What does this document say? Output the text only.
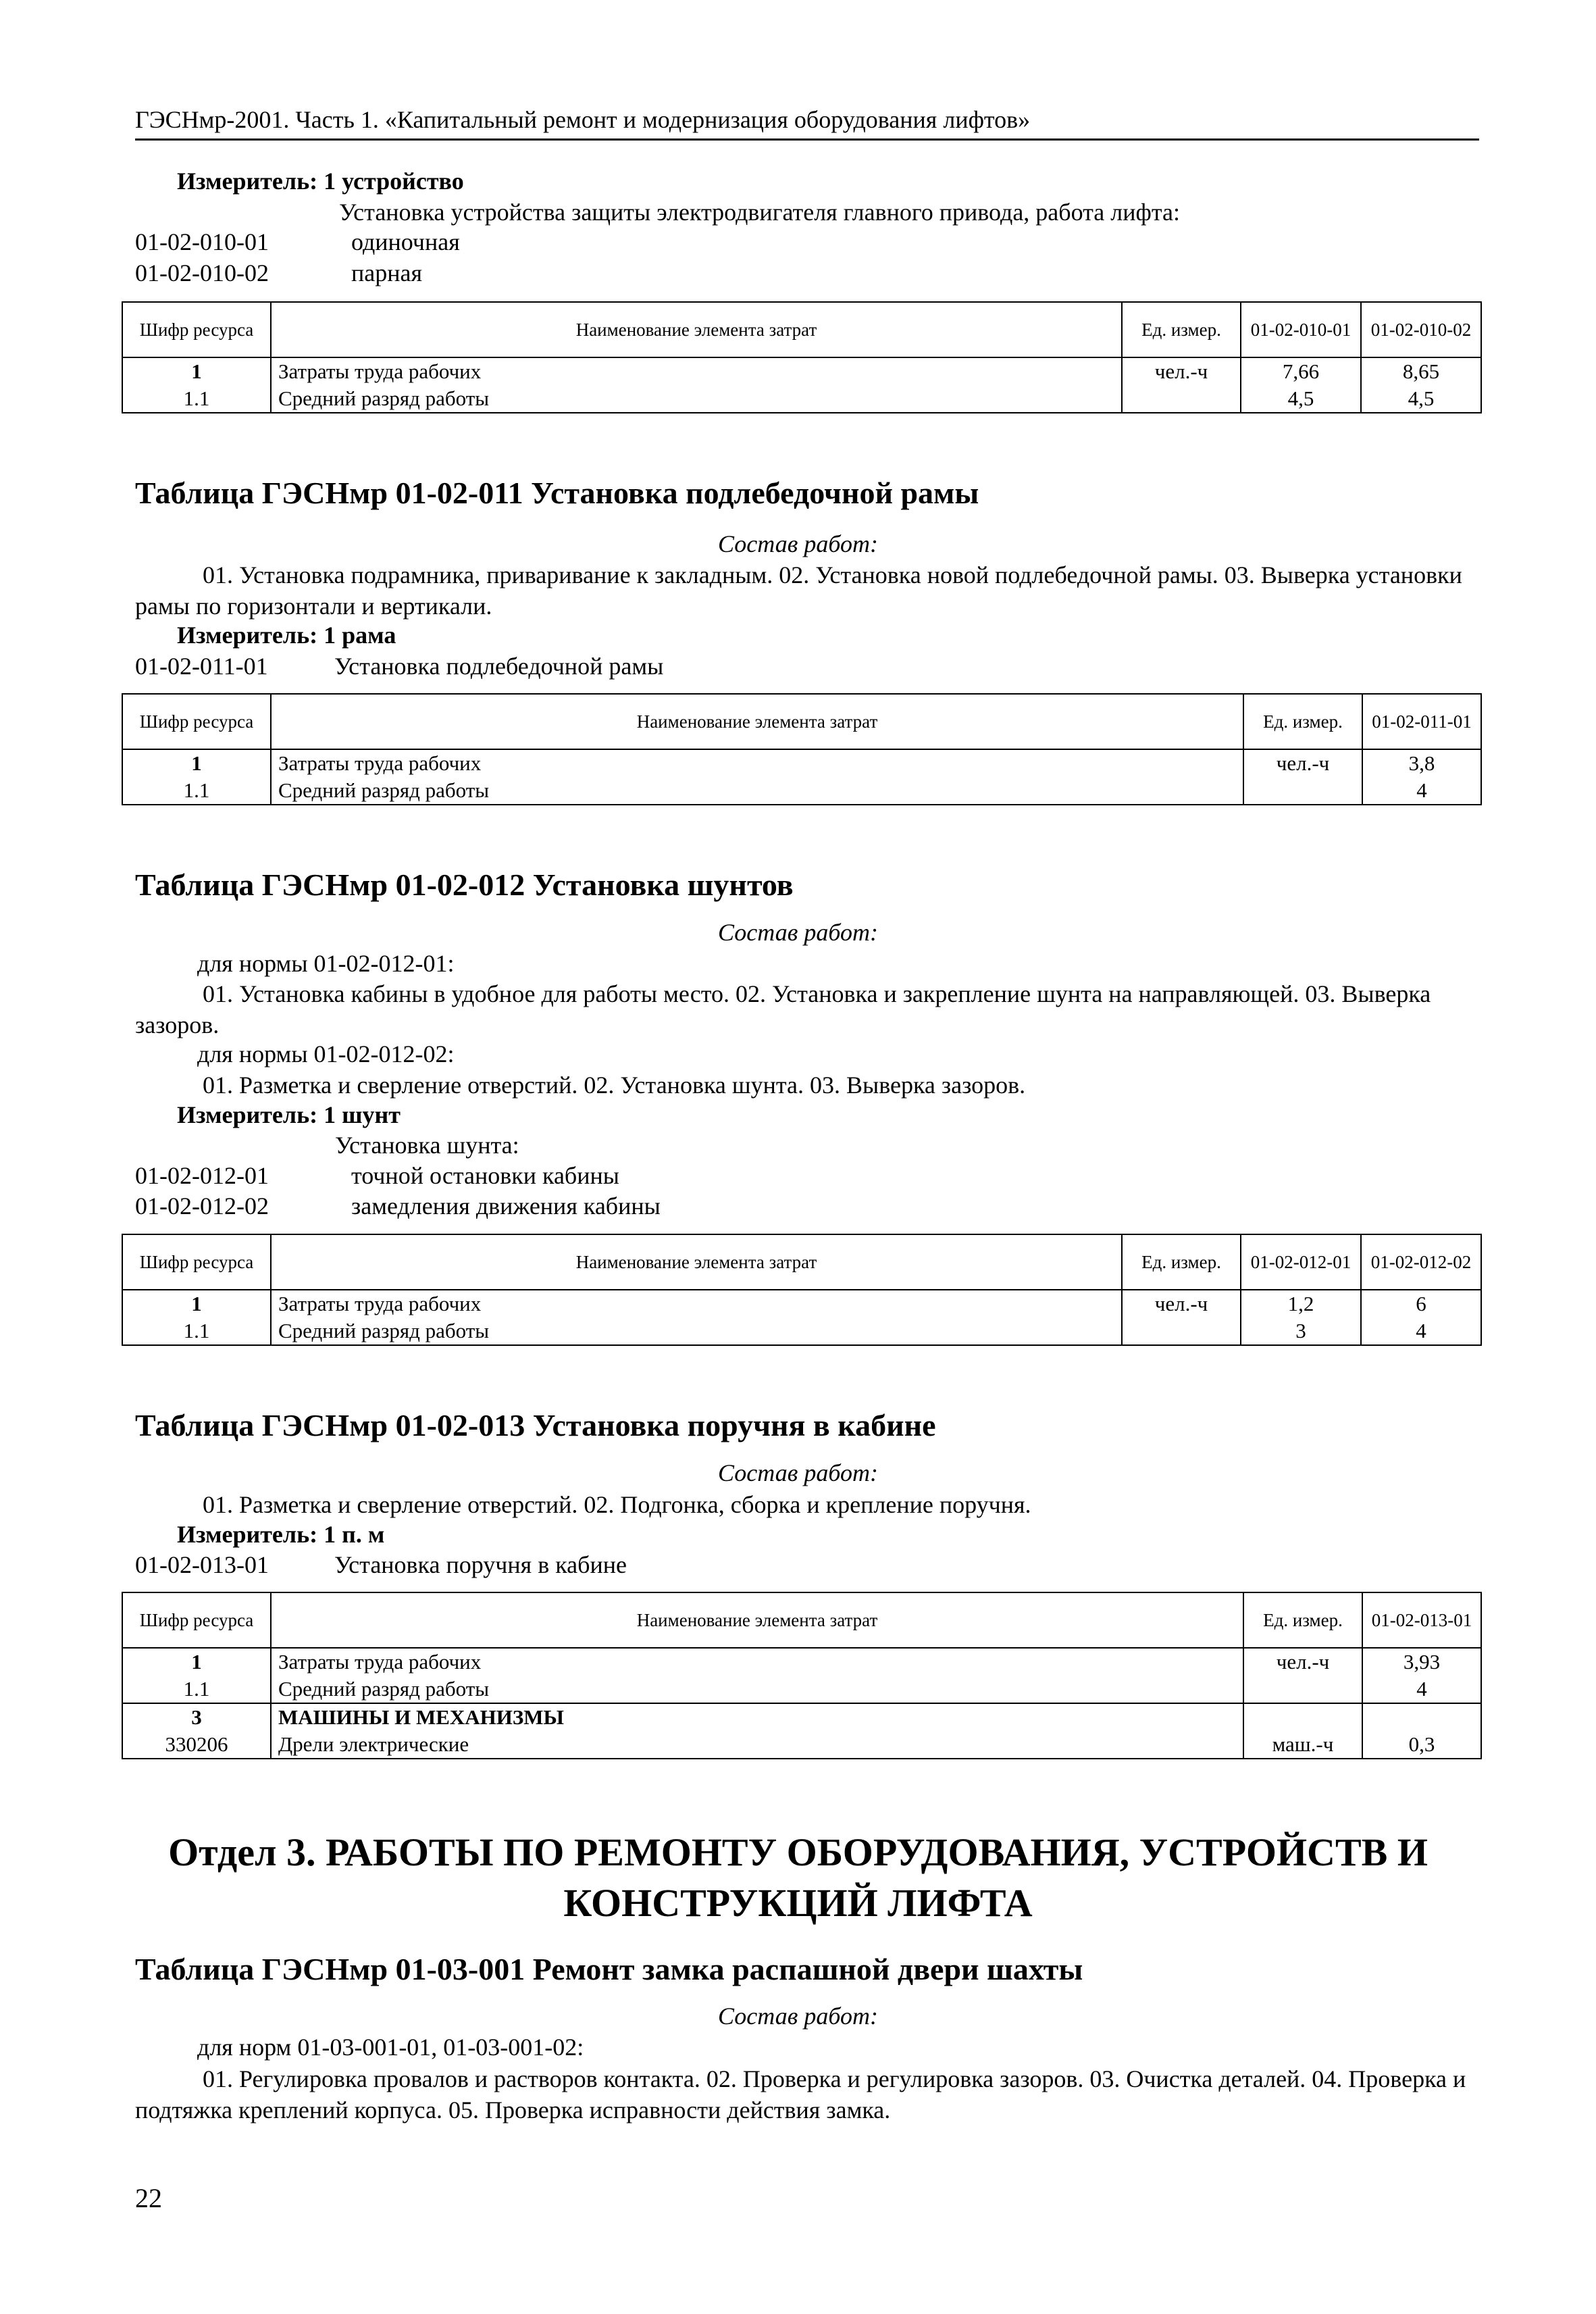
ГЭСНмр-2001. Часть 1. «Капитальный ремонт и модернизация оборудования лифтов»
Измеритель: 1 устройство
Установка устройства защиты электродвигателя главного привода, работа лифта:
01-02-010-01	одиночная
01-02-010-02	парная
Шифр ресурса	Наименование элемента затрат	Ед. измер.	01-02-010-01	01-02-010-02
1	Затраты труда рабочих	чел.-ч	7,66	8,65
1.1	Средний разряд работы		4,5	4,5
Таблица ГЭСНмр 01-02-011 Установка подлебедочной рамы
Состав работ:
01. Установка подрамника, приваривание к закладным. 02. Установка новой подлебедочной рамы. 03. Выверка установки рамы по горизонтали и вертикали.
Измеритель: 1 рама
01-02-011-01	Установка подлебедочной рамы
Шифр ресурса	Наименование элемента затрат	Ед. измер.	01-02-011-01
1	Затраты труда рабочих	чел.-ч	3,8
1.1	Средний разряд работы		4
Таблица ГЭСНмр 01-02-012 Установка шунтов
Состав работ:
для нормы 01-02-012-01:
01. Установка кабины в удобное для работы место. 02. Установка и закрепление шунта на направляющей. 03. Выверка зазоров.
для нормы 01-02-012-02:
01. Разметка и сверление отверстий. 02. Установка шунта. 03. Выверка зазоров.
Измеритель: 1 шунт
Установка шунта:
01-02-012-01	точной остановки кабины
01-02-012-02	замедления движения кабины
Шифр ресурса	Наименование элемента затрат	Ед. измер.	01-02-012-01	01-02-012-02
1	Затраты труда рабочих	чел.-ч	1,2	6
1.1	Средний разряд работы		3	4
Таблица ГЭСНмр 01-02-013 Установка поручня в кабине
Состав работ:
01. Разметка и сверление отверстий. 02. Подгонка, сборка и крепление поручня.
Измеритель: 1 п. м
01-02-013-01	Установка поручня в кабине
Шифр ресурса	Наименование элемента затрат	Ед. измер.	01-02-013-01
1	Затраты труда рабочих	чел.-ч	3,93
1.1	Средний разряд работы		4
3	МАШИНЫ И МЕХАНИЗМЫ		
330206	Дрели электрические	маш.-ч	0,3
Отдел 3. РАБОТЫ ПО РЕМОНТУ ОБОРУДОВАНИЯ, УСТРОЙСТВ И
КОНСТРУКЦИЙ ЛИФТА
Таблица ГЭСНмр 01-03-001 Ремонт замка распашной двери шахты
Состав работ:
для норм 01-03-001-01, 01-03-001-02:
01. Регулировка провалов и растворов контакта. 02. Проверка и регулировка зазоров. 03. Очистка деталей. 04. Проверка и подтяжка креплений корпуса. 05. Проверка исправности действия замка.
22
